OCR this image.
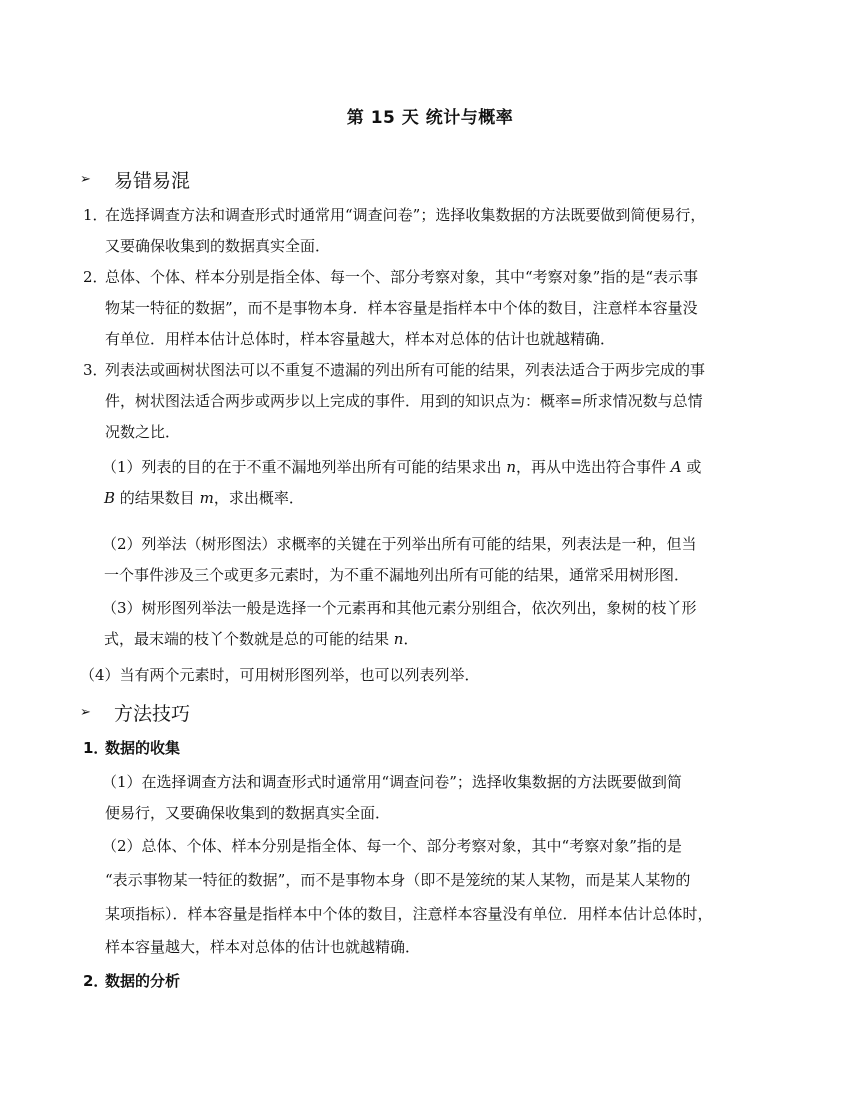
第 15 天 统计与概率
➢	易错易混
1．在选择调查方法和调查形式时通常用“调查问卷”；选择收集数据的方法既要做到简便易行，
又要确保收集到的数据真实全面．
2．总体、个体、样本分别是指全体、每一个、部分考察对象，其中“考察对象”指的是“表示事
物某一特征的数据”，而不是事物本身．样本容量是指样本中个体的数目，注意样本容量没
有单位．用样本估计总体时，样本容量越大，样本对总体的估计也就越精确．
3．列表法或画树状图法可以不重复不遗漏的列出所有可能的结果，列表法适合于两步完成的事
件，树状图法适合两步或两步以上完成的事件．用到的知识点为：概率=所求情况数与总情
况数之比．
（1）列表的目的在于不重不漏地列举出所有可能的结果求出 n，再从中选出符合事件 A 或
B 的结果数目 m，求出概率．
（2）列举法（树形图法）求概率的关键在于列举出所有可能的结果，列表法是一种，但当
一个事件涉及三个或更多元素时，为不重不漏地列出所有可能的结果，通常采用树形图．
（3）树形图列举法一般是选择一个元素再和其他元素分别组合，依次列出，象树的枝丫形
式，最末端的枝丫个数就是总的可能的结果 n．
（4）当有两个元素时，可用树形图列举，也可以列表列举．
➢	方法技巧
1．数据的收集
（1）在选择调查方法和调查形式时通常用“调查问卷”；选择收集数据的方法既要做到简
便易行，又要确保收集到的数据真实全面．
（2）总体、个体、样本分别是指全体、每一个、部分考察对象，其中“考察对象”指的是
“表示事物某一特征的数据”，而不是事物本身（即不是笼统的某人某物，而是某人某物的
某项指标）．样本容量是指样本中个体的数目，注意样本容量没有单位．用样本估计总体时，
样本容量越大，样本对总体的估计也就越精确．
2．数据的分析
